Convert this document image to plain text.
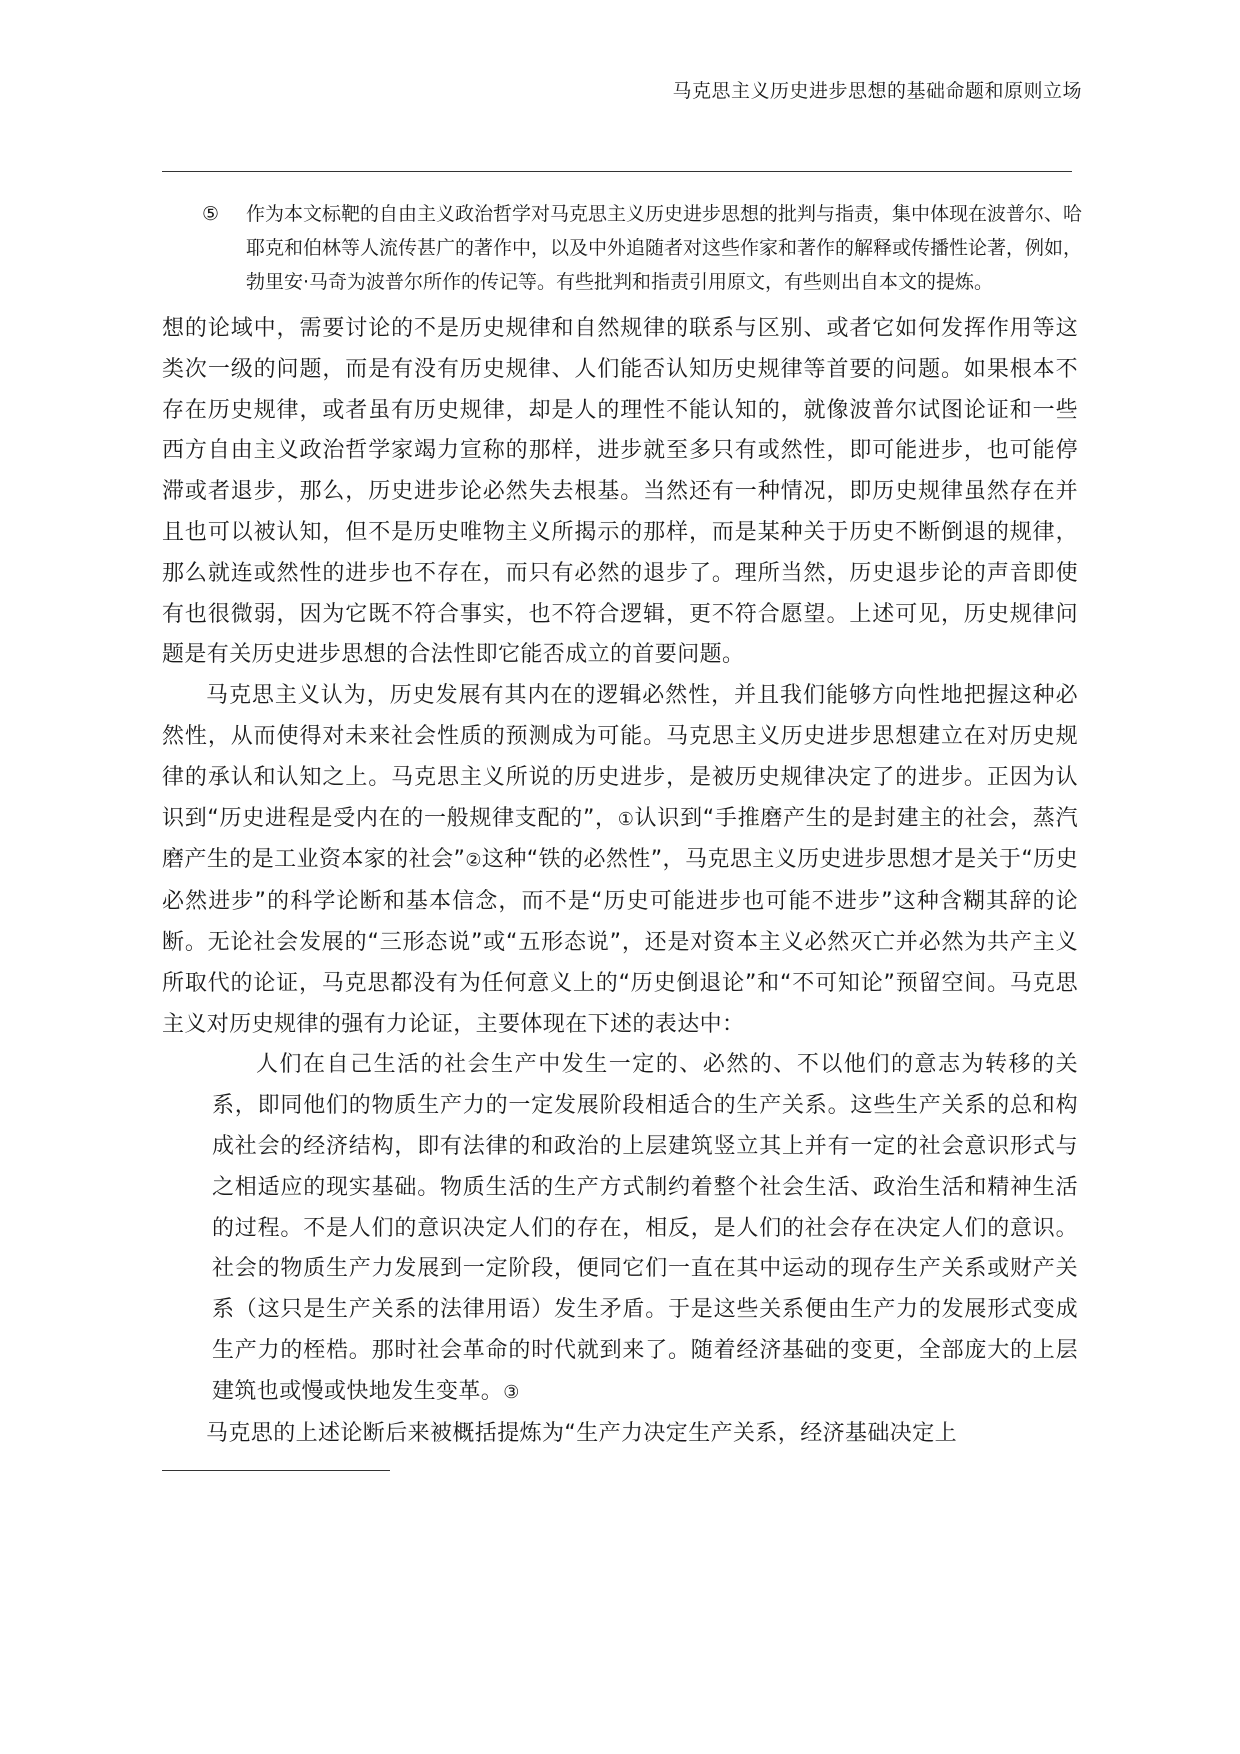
马克思主义历史进步思想的基础命题和原则立场
⑤ 作为本文标靶的自由主义政治哲学对马克思主义历史进步思想的批判与指责，集中体现在波普尔、哈耶克和伯林等人流传甚广的著作中，以及中外追随者对这些作家和著作的解释或传播性论著，例如，勃里安·马奇为波普尔所作的传记等。有些批判和指责引用原文，有些则出自本文的提炼。

想的论域中，需要讨论的不是历史规律和自然规律的联系与区别、或者它如何发挥作用等这类次一级的问题，而是有没有历史规律、人们能否认知历史规律等首要的问题。如果根本不存在历史规律，或者虽有历史规律，却是人的理性不能认知的，就像波普尔试图论证和一些西方自由主义政治哲学家竭力宣称的那样，进步就至多只有或然性，即可能进步，也可能停滞或者退步，那么，历史进步论必然失去根基。当然还有一种情况，即历史规律虽然存在并且也可以被认知，但不是历史唯物主义所揭示的那样，而是某种关于历史不断倒退的规律，那么就连或然性的进步也不存在，而只有必然的退步了。理所当然，历史退步论的声音即使有也很微弱，因为它既不符合事实，也不符合逻辑，更不符合愿望。上述可见，历史规律问题是有关历史进步思想的合法性即它能否成立的首要问题。

马克思主义认为，历史发展有其内在的逻辑必然性，并且我们能够方向性地把握这种必然性，从而使得对未来社会性质的预测成为可能。马克思主义历史进步思想建立在对历史规律的承认和认知之上。马克思主义所说的历史进步，是被历史规律决定了的进步。正因为认识到“历史进程是受内在的一般规律支配的”，①认识到“手推磨产生的是封建主的社会，蒸汽磨产生的是工业资本家的社会”②这种“铁的必然性”，马克思主义历史进步思想才是关于“历史必然进步”的科学论断和基本信念，而不是“历史可能进步也可能不进步”这种含糊其辞的论断。无论社会发展的“三形态说”或“五形态说”，还是对资本主义必然灭亡并必然为共产主义所取代的论证，马克思都没有为任何意义上的“历史倒退论”和“不可知论”预留空间。马克思主义对历史规律的强有力论证，主要体现在下述的表达中：

人们在自己生活的社会生产中发生一定的、必然的、不以他们的意志为转移的关系，即同他们的物质生产力的一定发展阶段相适合的生产关系。这些生产关系的总和构成社会的经济结构，即有法律的和政治的上层建筑竖立其上并有一定的社会意识形式与之相适应的现实基础。物质生活的生产方式制约着整个社会生活、政治生活和精神生活的过程。不是人们的意识决定人们的存在，相反，是人们的社会存在决定人们的意识。社会的物质生产力发展到一定阶段，便同它们一直在其中运动的现存生产关系或财产关系（这只是生产关系的法律用语）发生矛盾。于是这些关系便由生产力的发展形式变成生产力的桎梏。那时社会革命的时代就到来了。随着经济基础的变更，全部庞大的上层建筑也或慢或快地发生变革。③

马克思的上述论断后来被概括提炼为“生产力决定生产关系，经济基础决定上
